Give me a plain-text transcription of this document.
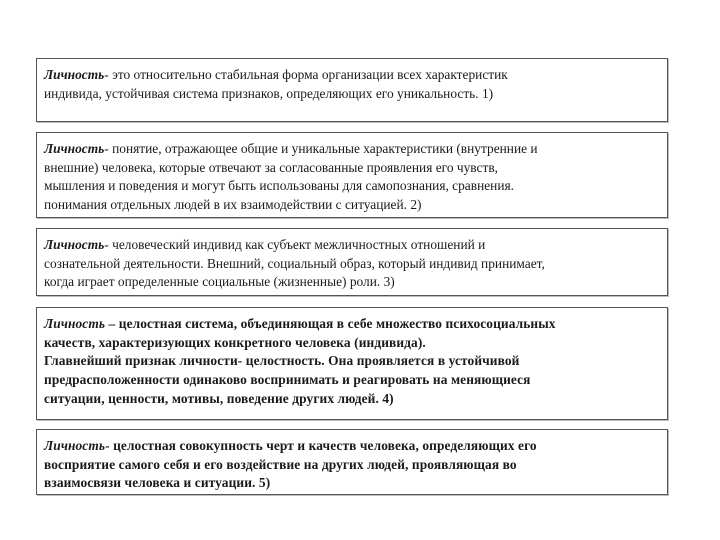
Личность- это относительно стабильная форма организации всех характеристик
индивида, устойчивая система признаков, определяющих его уникальность. 1)
Личность- понятие, отражающее общие и уникальные характеристики (внутренние и
внешние) человека, которые отвечают за согласованные проявления его чувств,
мышления и поведения и могут быть использованы для самопознания, сравнения.
понимания отдельных людей в их взаимодействии с ситуацией. 2)
Личность- человеческий индивид как субъект межличностных отношений и
сознательной деятельности. Внешний, социальный образ, который индивид принимает,
когда играет определенные социальные (жизненные) роли. 3)
Личность – целостная система, объединяющая в себе множество психосоциальных
качеств, характеризующих конкретного человека (индивида).
Главнейший признак личности- целостность. Она проявляется в устойчивой
предрасположенности одинаково воспринимать и реагировать на меняющиеся
ситуации, ценности, мотивы, поведение других людей. 4)
Личность- целостная совокупность черт и качеств человека, определяющих его
восприятие самого себя и его воздействие на других людей, проявляющая во
взаимосвязи человека и ситуации. 5)
